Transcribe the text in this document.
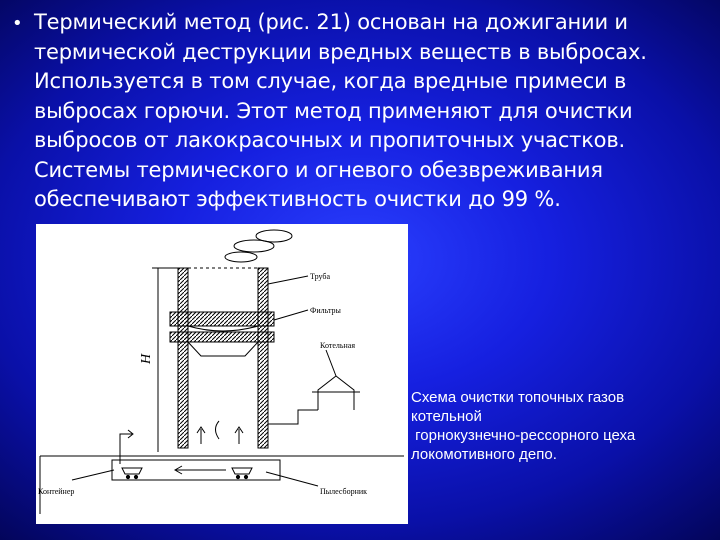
• Термический метод (рис. 21) основан на дожигании и термической деструкции вредных веществ в выбросах. Используется в том случае, когда вредные примеси в выбросах горючи. Этот метод применяют для очистки выбросов от лакокрасочных и пропиточных участков. Системы термического и огневого обезвреживания обеспечивают эффективность очистки до 99 %.

H
Труба
Фильтры
Котельная
Контейнер	Пылесборник
Схема очистки топочных газов
котельной
горнокузнечно-рессорного цеха
локомотивного депо.
